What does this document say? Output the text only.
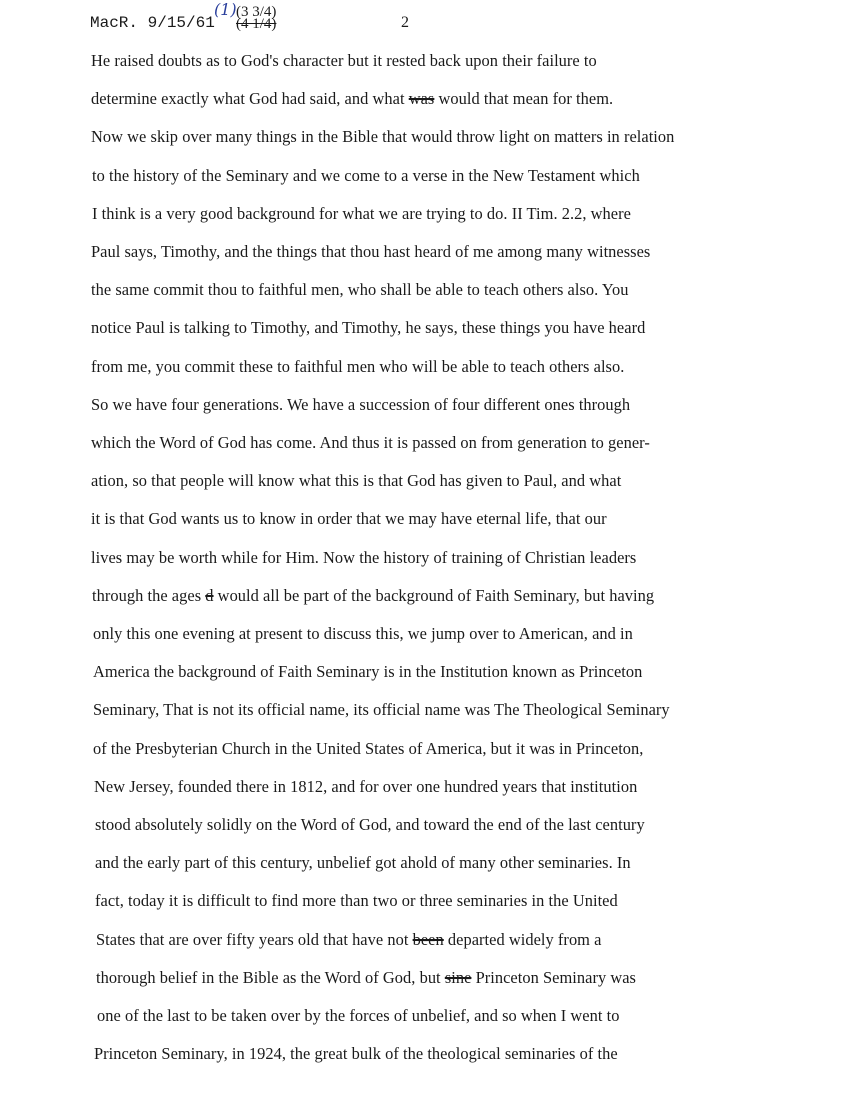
MacR. 9/15/61
(1) (3 3/4)
(4 1/4)	2
He raised doubts as to God's character but it rested back upon their failure to
determine exactly what God had said, and what was would that mean for them.
Now we skip over many things in the Bible that would throw light on matters in relation
to the history of the Seminary and we come to a verse in the New Testament which
I think is a very good background for what we are trying to do. II Tim. 2.2, where
Paul says, Timothy, and the things that thou hast heard of me among many witnesses
the same commit thou to faithful men, who shall be able to teach others also. You
notice Paul is talking to Timothy, and Timothy, he says, these things you have heard
from me, you commit these to faithful men who will be able to teach others also.
So we have four generations. We have a succession of four different ones through
which the Word of God has come. And thus it is passed on from generation to gener-
ation, so that people will know what this is that God has given to Paul, and what
it is that God wants us to know in order that we may have eternal life, that our
lives may be worth while for Him. Now the history of training of Christian leaders
through the ages d would all be part of the background of Faith Seminary, but having
only this one evening at present to discuss this, we jump over to American, and in
America the background of Faith Seminary is in the Institution known as Princeton
Seminary, That is not its official name, its official name was The Theological Seminary
of the Presbyterian Church in the United States of America, but it was in Princeton,
New Jersey, founded there in 1812, and for over one hundred years that institution
stood absolutely solidly on the Word of God, and toward the end of the last century
and the early part of this century, unbelief got ahold of many other seminaries. In
fact, today it is difficult to find more than two or three seminaries in the United
States that are over fifty years old that have not been departed widely from a
thorough belief in the Bible as the Word of God, but sine Princeton Seminary was
one of the last to be taken over by the forces of unbelief, and so when I went to
Princeton Seminary, in 1924, the great bulk of the theological seminaries of the
